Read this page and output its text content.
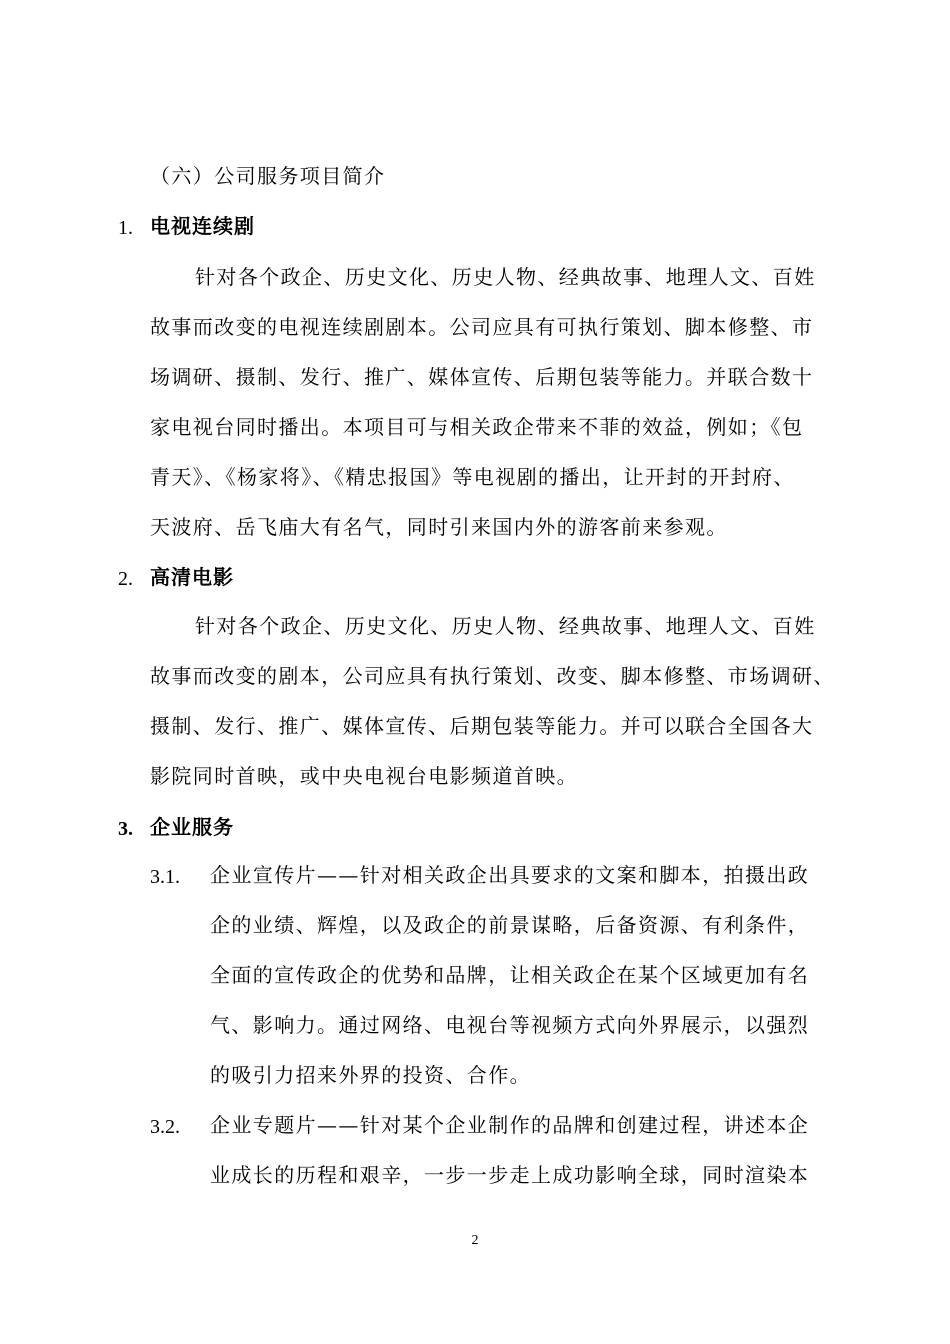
（六）公司服务项目简介
1. 电视连续剧
针对各个政企、历史文化、历史人物、经典故事、地理人文、百姓
故事而改变的电视连续剧剧本。公司应具有可执行策划、脚本修整、市
场调研、摄制、发行、推广、媒体宣传、后期包装等能力。并联合数十
家电视台同时播出。本项目可与相关政企带来不菲的效益，例如；《包
青天》、《杨家将》、《精忠报国》等电视剧的播出，让开封的开封府、
天波府、岳飞庙大有名气，同时引来国内外的游客前来参观。
2. 高清电影
针对各个政企、历史文化、历史人物、经典故事、地理人文、百姓
故事而改变的剧本，公司应具有执行策划、改变、脚本修整、市场调研、
摄制、发行、推广、媒体宣传、后期包装等能力。并可以联合全国各大
影院同时首映，或中央电视台电影频道首映。
3. 企业服务
3.1. 企业宣传片——针对相关政企出具要求的文案和脚本，拍摄出政
企的业绩、辉煌，以及政企的前景谋略，后备资源、有利条件，
全面的宣传政企的优势和品牌，让相关政企在某个区域更加有名
气、影响力。通过网络、电视台等视频方式向外界展示，以强烈
的吸引力招来外界的投资、合作。
3.2. 企业专题片——针对某个企业制作的品牌和创建过程，讲述本企
业成长的历程和艰辛，一步一步走上成功影响全球，同时渲染本
2
